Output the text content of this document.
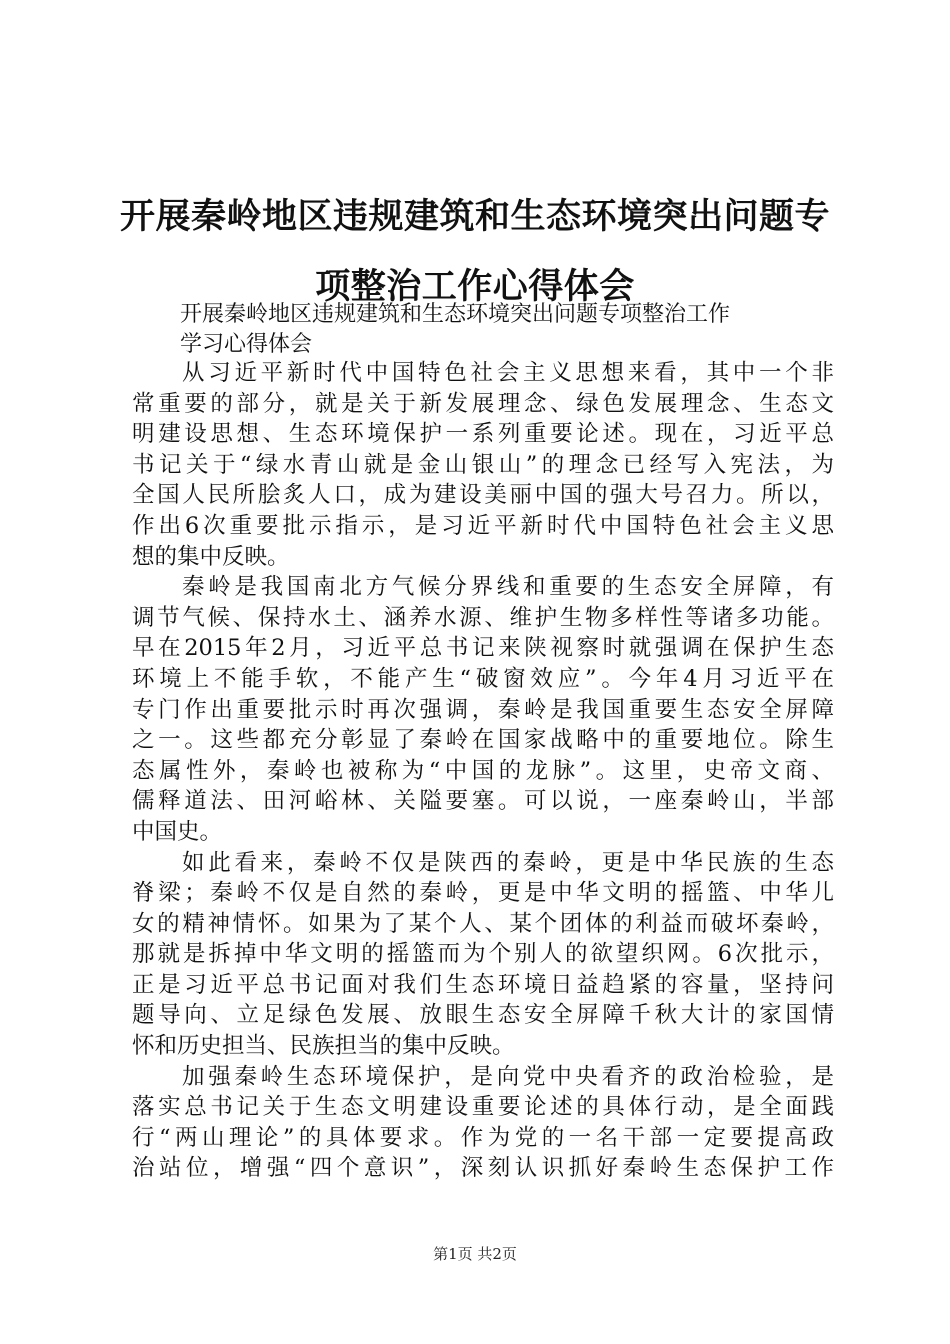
开展秦岭地区违规建筑和生态环境突出问题专
项整治工作心得体会
开展秦岭地区违规建筑和生态环境突出问题专项整治工作
学习心得体会

从习近平新时代中国特色社会主义思想来看，其中一个非
常重要的部分，就是关于新发展理念、绿色发展理念、生态文
明建设思想、生态环境保护一系列重要论述。现在，习近平总
书记关于“绿水青山就是金山银山”的理念已经写入宪法，为
全国人民所脍炙人口，成为建设美丽中国的强大号召力。所以，
作出6次重要批示指示，是习近平新时代中国特色社会主义思
想的集中反映。

秦岭是我国南北方气候分界线和重要的生态安全屏障，有
调节气候、保持水土、涵养水源、维护生物多样性等诸多功能。
早在2015年2月，习近平总书记来陕视察时就强调在保护生态
环境上不能手软，不能产生“破窗效应”。今年4月习近平在
专门作出重要批示时再次强调，秦岭是我国重要生态安全屏障
之一。这些都充分彰显了秦岭在国家战略中的重要地位。除生
态属性外，秦岭也被称为“中国的龙脉”。这里，史帝文商、
儒释道法、田河峪林、关隘要塞。可以说，一座秦岭山，半部
中国史。

如此看来，秦岭不仅是陕西的秦岭，更是中华民族的生态
脊梁；秦岭不仅是自然的秦岭，更是中华文明的摇篮、中华儿
女的精神情怀。如果为了某个人、某个团体的利益而破坏秦岭，
那就是拆掉中华文明的摇篮而为个别人的欲望织网。6次批示，
正是习近平总书记面对我们生态环境日益趋紧的容量，坚持问
题导向、立足绿色发展、放眼生态安全屏障千秋大计的家国情
怀和历史担当、民族担当的集中反映。

加强秦岭生态环境保护，是向党中央看齐的政治检验，是
落实总书记关于生态文明建设重要论述的具体行动，是全面践
行“两山理论”的具体要求。作为党的一名干部一定要提高政
治站位，增强“四个意识”，深刻认识抓好秦岭生态保护工作

第1页 共2页
